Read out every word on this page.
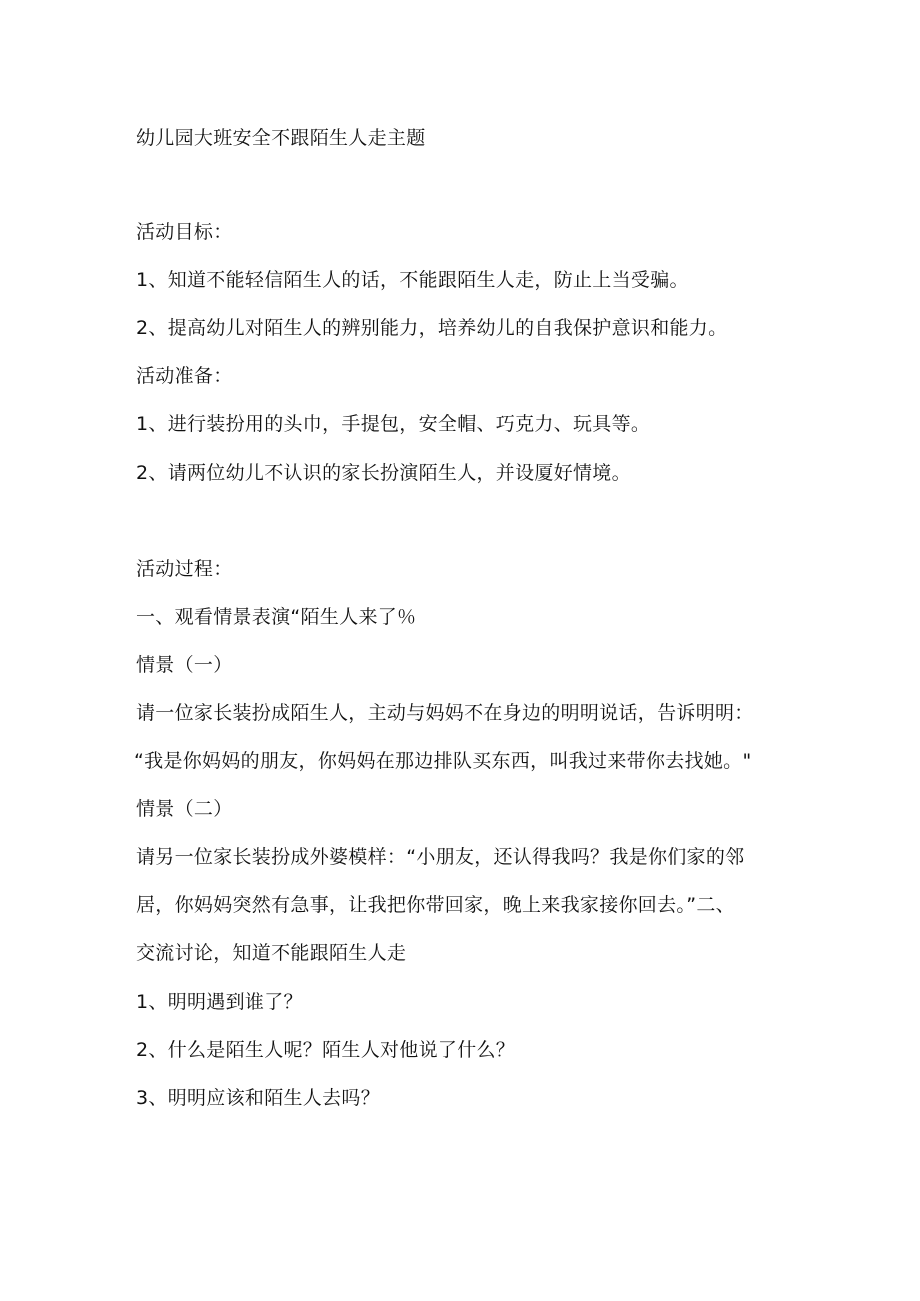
幼儿园大班安全不跟陌生人走主题
活动目标：
1、知道不能轻信陌生人的话，不能跟陌生人走，防止上当受骗。
2、提高幼儿对陌生人的辨别能力，培养幼儿的自我保护意识和能力。
活动准备：
1、进行装扮用的头巾，手提包，安全帽、巧克力、玩具等。
2、请两位幼儿不认识的家长扮演陌生人，并设厦好情境。
活动过程：
一、观看情景表演“陌生人来了％
情景（一）
请一位家长装扮成陌生人，主动与妈妈不在身边的明明说话，告诉明明：
“我是你妈妈的朋友，你妈妈在那边排队买东西，叫我过来带你去找她。"
情景（二）
请另一位家长装扮成外婆模样：“小朋友，还认得我吗？我是你们家的邻
居，你妈妈突然有急事，让我把你带回家，晚上来我家接你回去。”二、
交流讨论，知道不能跟陌生人走
1、明明遇到谁了？
2、什么是陌生人呢？陌生人对他说了什么？
3、明明应该和陌生人去吗？
